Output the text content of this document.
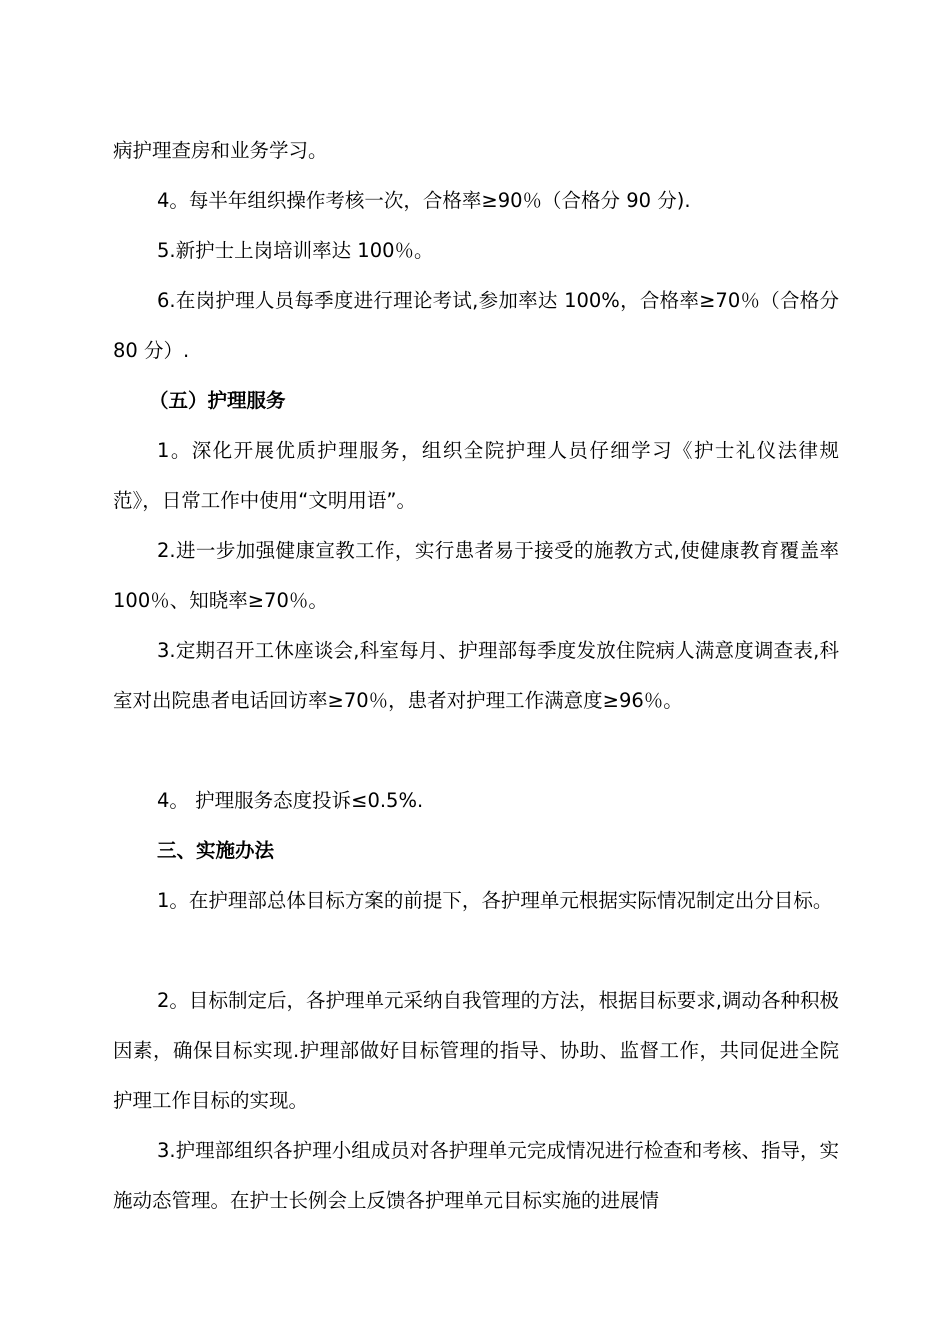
病护理查房和业务学习。

4。每半年组织操作考核一次，合格率≥90％（合格分 90 分).

5.新护士上岗培训率达 100％。

6.在岗护理人员每季度进行理论考试,参加率达 100%，合格率≥70％（合格分 80 分）.

（五）护理服务

1。深化开展优质护理服务，组织全院护理人员仔细学习《护士礼仪法律规范》，日常工作中使用“文明用语”。

2.进一步加强健康宣教工作，实行患者易于接受的施教方式,使健康教育覆盖率 100％、知晓率≥70％。

3.定期召开工休座谈会,科室每月、护理部每季度发放住院病人满意度调查表,科室对出院患者电话回访率≥70％，患者对护理工作满意度≥96％。

4。 护理服务态度投诉≤0.5%.

三、实施办法

1。在护理部总体目标方案的前提下，各护理单元根据实际情况制定出分目标。

2。目标制定后，各护理单元采纳自我管理的方法，根据目标要求,调动各种积极因素，确保目标实现.护理部做好目标管理的指导、协助、监督工作，共同促进全院护理工作目标的实现。

3.护理部组织各护理小组成员对各护理单元完成情况进行检查和考核、指导，实施动态管理。在护士长例会上反馈各护理单元目标实施的进展情
